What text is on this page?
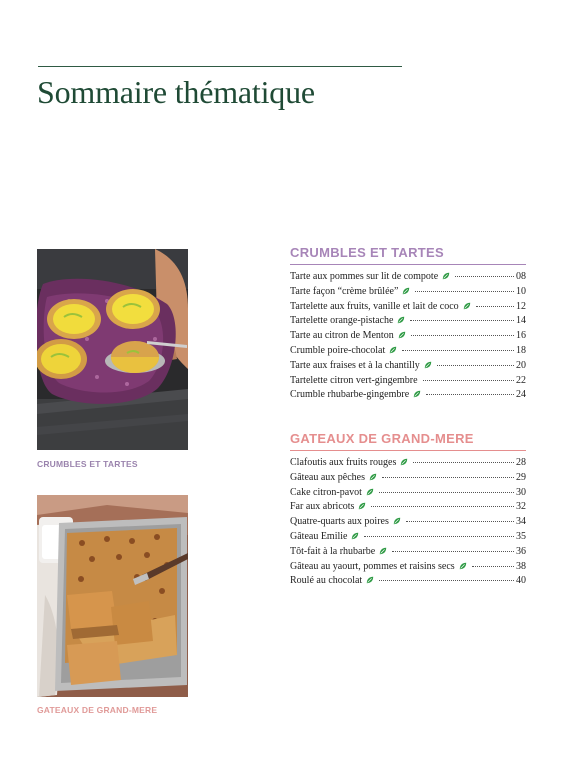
Sommaire thématique
CRUMBLES ET TARTES
GATEAUX DE GRAND-MERE
CRUMBLES ET TARTES
Tarte aux pommes sur lit de compote	08
Tarte façon “crème brûlée”	10
Tartelette aux fruits, vanille et lait de coco	12
Tartelette orange-pistache	14
Tarte au citron de Menton	16
Crumble poire-chocolat	18
Tarte aux fraises et à la chantilly	20
Tartelette citron vert-gingembre	22
Crumble rhubarbe-gingembre	24
GATEAUX DE GRAND-MERE
Clafoutis aux fruits rouges	28
Gâteau aux pêches	29
Cake citron-pavot	30
Far aux abricots	32
Quatre-quarts aux poires	34
Gâteau Emilie	35
Tôt-fait à la rhubarbe	36
Gâteau au yaourt, pommes et raisins secs	38
Roulé au chocolat	40
